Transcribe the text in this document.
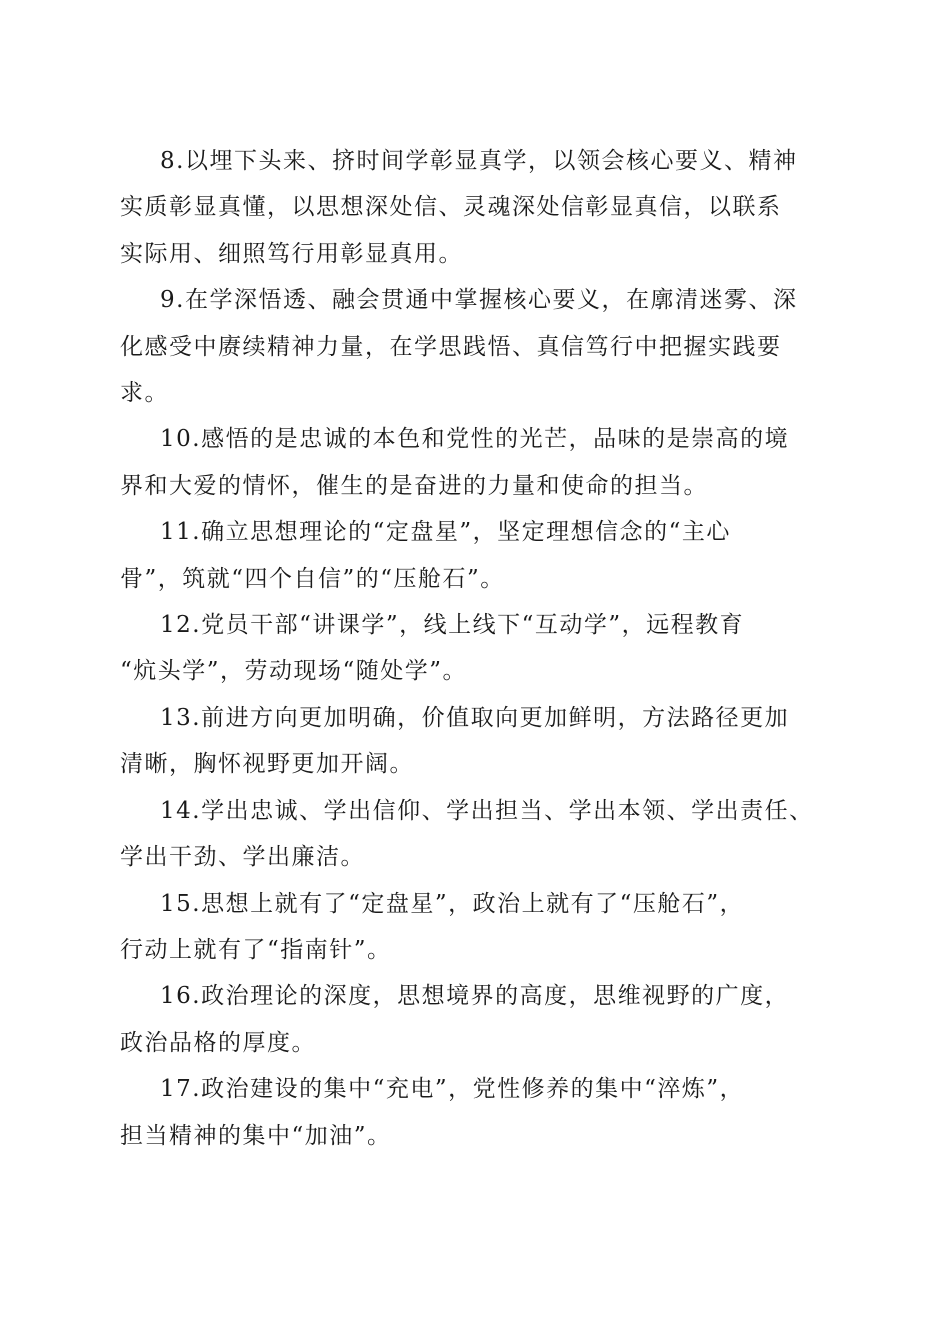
8.以埋下头来、挤时间学彰显真学，以领会核心要义、精神
实质彰显真懂，以思想深处信、灵魂深处信彰显真信，以联系
实际用、细照笃行用彰显真用。

9.在学深悟透、融会贯通中掌握核心要义，在廓清迷雾、深
化感受中赓续精神力量，在学思践悟、真信笃行中把握实践要
求。

10.感悟的是忠诚的本色和党性的光芒，品味的是崇高的境
界和大爱的情怀，催生的是奋进的力量和使命的担当。

11.确立思想理论的“定盘星”，坚定理想信念的“主心
骨”，筑就“四个自信”的“压舱石”。

12.党员干部“讲课学”，线上线下“互动学”，远程教育
“炕头学”，劳动现场“随处学”。

13.前进方向更加明确，价值取向更加鲜明，方法路径更加
清晰，胸怀视野更加开阔。

14.学出忠诚、学出信仰、学出担当、学出本领、学出责任、
学出干劲、学出廉洁。

15.思想上就有了“定盘星”，政治上就有了“压舱石”，
行动上就有了“指南针”。

16.政治理论的深度，思想境界的高度，思维视野的广度，
政治品格的厚度。

17.政治建设的集中“充电”，党性修养的集中“淬炼”，
担当精神的集中“加油”。
